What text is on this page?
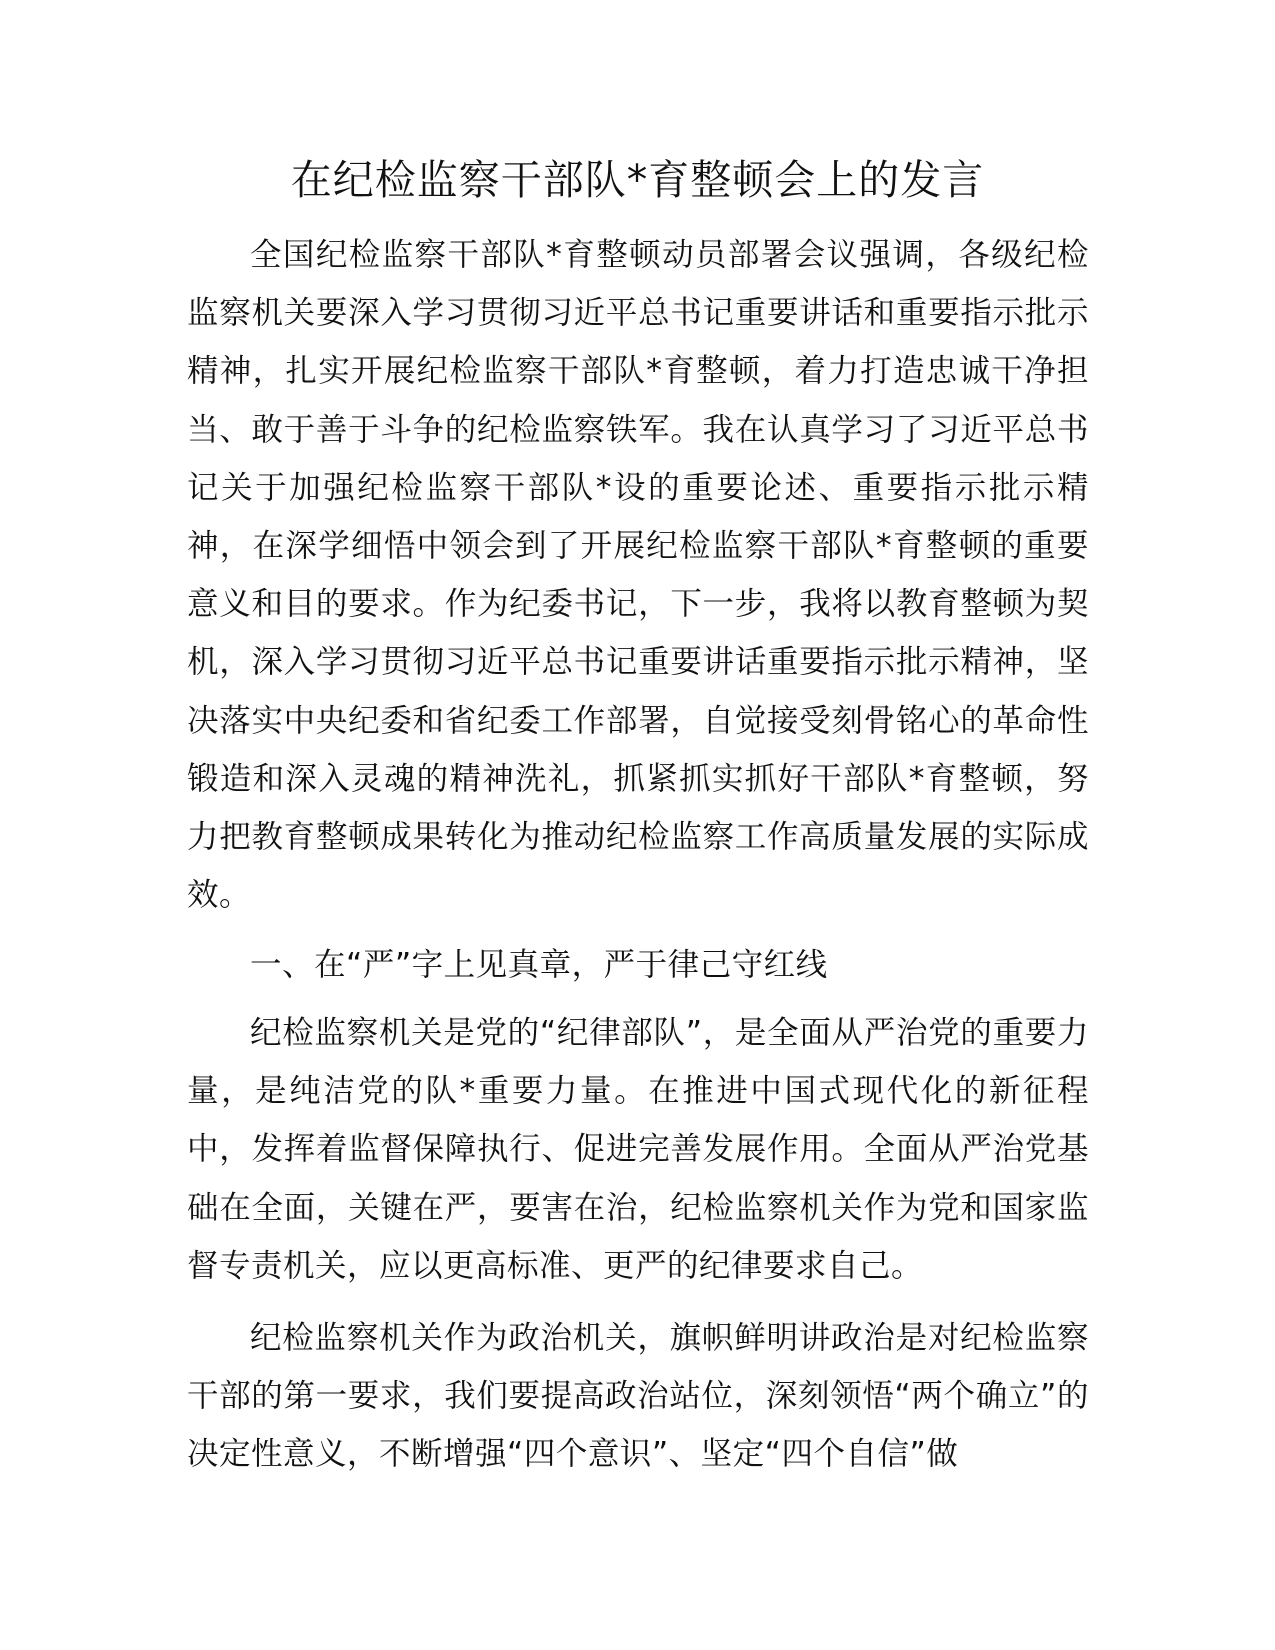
在纪检监察干部队*育整顿会上的发言

全国纪检监察干部队*育整顿动员部署会议强调，各级纪检监察机关要深入学习贯彻习近平总书记重要讲话和重要指示批示精神，扎实开展纪检监察干部队*育整顿，着力打造忠诚干净担当、敢于善于斗争的纪检监察铁军。我在认真学习了习近平总书记关于加强纪检监察干部队*设的重要论述、重要指示批示精神，在深学细悟中领会到了开展纪检监察干部队*育整顿的重要意义和目的要求。作为纪委书记，下一步，我将以教育整顿为契机，深入学习贯彻习近平总书记重要讲话重要指示批示精神，坚决落实中央纪委和省纪委工作部署，自觉接受刻骨铭心的革命性锻造和深入灵魂的精神洗礼，抓紧抓实抓好干部队*育整顿，努力把教育整顿成果转化为推动纪检监察工作高质量发展的实际成效。

一、在“严”字上见真章，严于律己守红线

纪检监察机关是党的“纪律部队”，是全面从严治党的重要力量，是纯洁党的队*重要力量。在推进中国式现代化的新征程中，发挥着监督保障执行、促进完善发展作用。全面从严治党基础在全面，关键在严，要害在治，纪检监察机关作为党和国家监督专责机关，应以更高标准、更严的纪律要求自己。

纪检监察机关作为政治机关，旗帜鲜明讲政治是对纪检监察干部的第一要求，我们要提高政治站位，深刻领悟“两个确立”的决定性意义，不断增强“四个意识”、坚定“四个自信”做
